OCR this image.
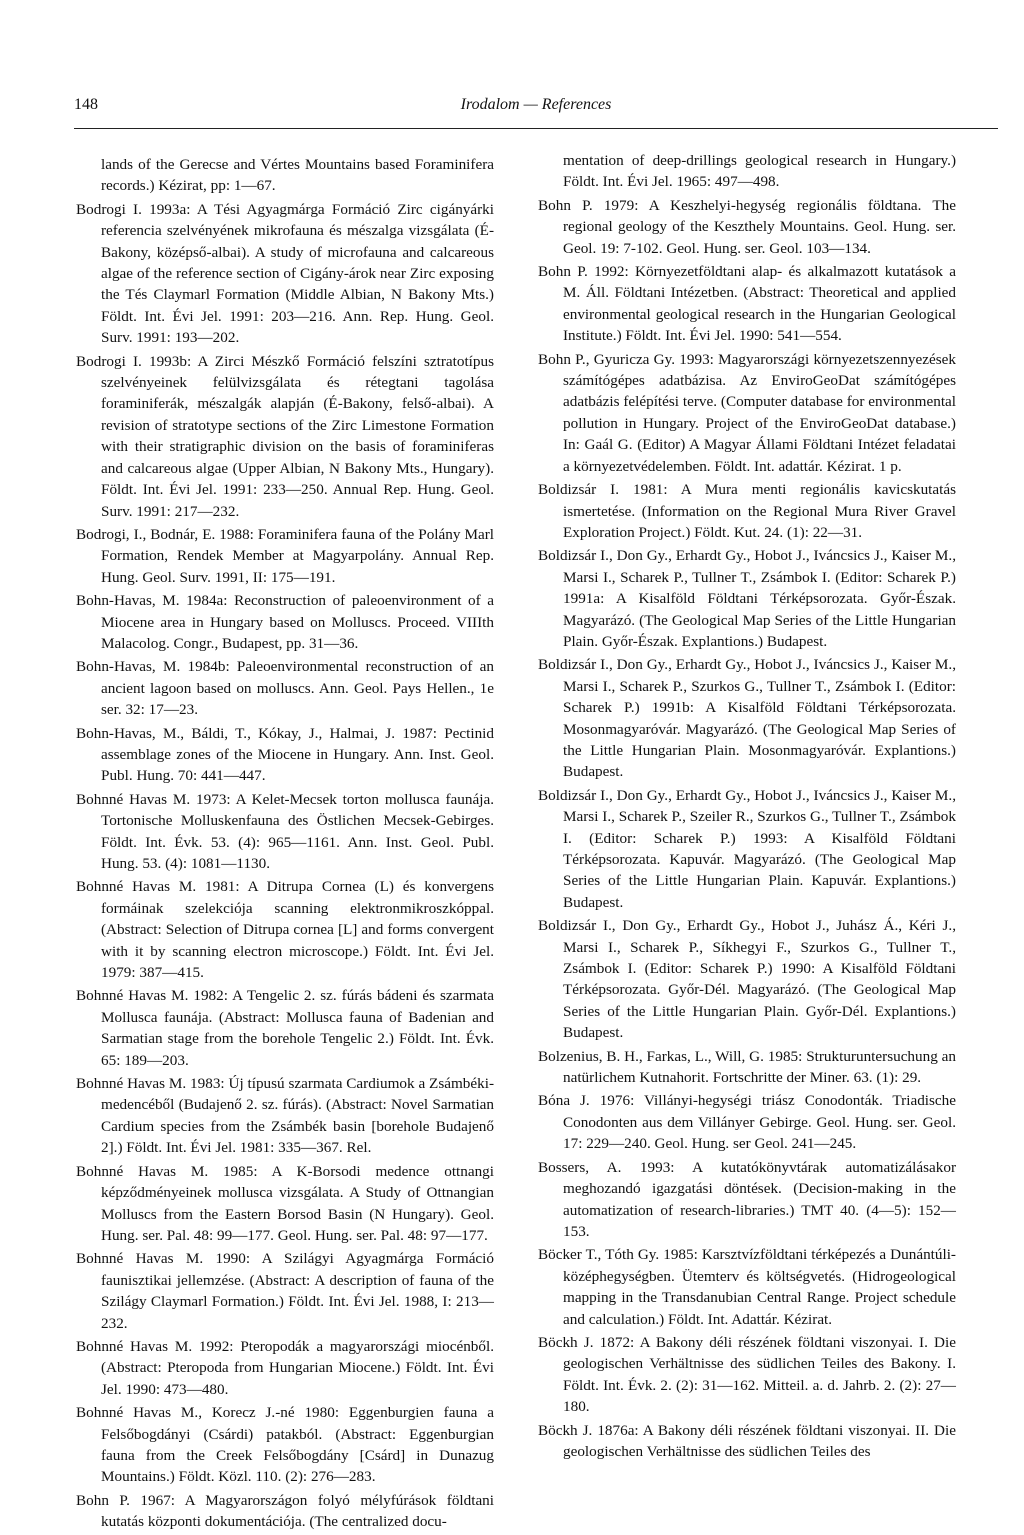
148	Irodalom — References

lands of the Gerecse and Vértes Mountains based Foraminifera records.) Kézirat, pp: 1—67.

Bodrogi I. 1993a: A Tési Agyagmárga Formáció Zirc cigányárki referencia szelvényének mikrofauna és mészalga vizsgálata (É-Bakony, középső-albai). A study of microfauna and calcareous algae of the reference section of Cigány-árok near Zirc exposing the Tés Claymarl Formation (Middle Albian, N Bakony Mts.) Földt. Int. Évi Jel. 1991: 203—216. Ann. Rep. Hung. Geol. Surv. 1991: 193—202.

Bodrogi I. 1993b: A Zirci Mészkő Formáció felszíni sztratotípus szelvényeinek felülvizsgálata és rétegtani tagolása foraminiferák, mészalgák alapján (É-Bakony, felső-albai). A revision of stratotype sections of the Zirc Limestone Formation with their stratigraphic division on the basis of foraminiferas and calcareous algae (Upper Albian, N Bakony Mts., Hungary). Földt. Int. Évi Jel. 1991: 233—250. Annual Rep. Hung. Geol. Surv. 1991: 217—232.

Bodrogi, I., Bodnár, E. 1988: Foraminifera fauna of the Polány Marl Formation, Rendek Member at Magyarpolány. Annual Rep. Hung. Geol. Surv. 1991, II: 175—191.

Bohn-Havas, M. 1984a: Reconstruction of paleoenvironment of a Miocene area in Hungary based on Molluscs. Proceed. VIIIth Malacolog. Congr., Budapest, pp. 31—36.

Bohn-Havas, M. 1984b: Paleoenvironmental reconstruction of an ancient lagoon based on molluscs. Ann. Geol. Pays Hellen., 1e ser. 32: 17—23.

Bohn-Havas, M., Báldi, T., Kókay, J., Halmai, J. 1987: Pectinid assemblage zones of the Miocene in Hungary. Ann. Inst. Geol. Publ. Hung. 70: 441—447.

Bohnné Havas M. 1973: A Kelet-Mecsek torton mollusca faunája. Tortonische Molluskenfauna des Östlichen Mecsek-Gebirges. Földt. Int. Évk. 53. (4): 965—1161. Ann. Inst. Geol. Publ. Hung. 53. (4): 1081—1130.

Bohnné Havas M. 1981: A Ditrupa Cornea (L) és konvergens formáinak szelekciója scanning elektronmikroszkóppal. (Abstract: Selection of Ditrupa cornea [L] and forms convergent with it by scanning electron microscope.) Földt. Int. Évi Jel. 1979: 387—415.

Bohnné Havas M. 1982: A Tengelic 2. sz. fúrás bádeni és szarmata Mollusca faunája. (Abstract: Mollusca fauna of Badenian and Sarmatian stage from the borehole Tengelic 2.) Földt. Int. Évk. 65: 189—203.

Bohnné Havas M. 1983: Új típusú szarmata Cardiumok a Zsámbéki-medencéből (Budajenő 2. sz. fúrás). (Abstract: Novel Sarmatian Cardium species from the Zsámbék basin [borehole Budajenő 2].) Földt. Int. Évi Jel. 1981: 335—367. Rel.

Bohnné Havas M. 1985: A K-Borsodi medence ottnangi képződményeinek mollusca vizsgálata. A Study of Ottnangian Molluscs from the Eastern Borsod Basin (N Hungary). Geol. Hung. ser. Pal. 48: 99—177. Geol. Hung. ser. Pal. 48: 97—177.

Bohnné Havas M. 1990: A Szilágyi Agyagmárga Formáció faunisztikai jellemzése. (Abstract: A description of fauna of the Szilágy Claymarl Formation.) Földt. Int. Évi Jel. 1988, I: 213—232.

Bohnné Havas M. 1992: Pteropodák a magyarországi miocénből. (Abstract: Pteropoda from Hungarian Miocene.) Földt. Int. Évi Jel. 1990: 473—480.

Bohnné Havas M., Korecz J.-né 1980: Eggenburgien fauna a Felsőbogdányi (Csárdi) patakból. (Abstract: Eggenburgian fauna from the Creek Felsőbogdány [Csárd] in Dunazug Mountains.) Földt. Közl. 110. (2): 276—283.

Bohn P. 1967: A Magyarországon folyó mélyfúrások földtani kutatás központi dokumentációja. (The centralized docu-

mentation of deep-drillings geological research in Hungary.) Földt. Int. Évi Jel. 1965: 497—498.

Bohn P. 1979: A Keszhelyi-hegység regionális földtana. The regional geology of the Keszthely Mountains. Geol. Hung. ser. Geol. 19: 7-102. Geol. Hung. ser. Geol. 103—134.

Bohn P. 1992: Környezetföldtani alap- és alkalmazott kutatások a M. Áll. Földtani Intézetben. (Abstract: Theoretical and applied environmental geological research in the Hungarian Geological Institute.) Földt. Int. Évi Jel. 1990: 541—554.

Bohn P., Gyuricza Gy. 1993: Magyarországi környezetszennyezések számítógépes adatbázisa. Az EnviroGeoDat számítógépes adatbázis felépítési terve. (Computer database for environmental pollution in Hungary. Project of the EnviroGeoDat database.) In: Gaál G. (Editor) A Magyar Állami Földtani Intézet feladatai a környezetvédelemben. Földt. Int. adattár. Kézirat. 1 p.

Boldizsár I. 1981: A Mura menti regionális kavicskutatás ismertetése. (Information on the Regional Mura River Gravel Exploration Project.) Földt. Kut. 24. (1): 22—31.

Boldizsár I., Don Gy., Erhardt Gy., Hobot J., Iváncsics J., Kaiser M., Marsi I., Scharek P., Tullner T., Zsámbok I. (Editor: Scharek P.) 1991a: A Kisalföld Földtani Térképsorozata. Győr-Észak. Magyarázó. (The Geological Map Series of the Little Hungarian Plain. Győr-Észak. Explantions.) Budapest.

Boldizsár I., Don Gy., Erhardt Gy., Hobot J., Iváncsics J., Kaiser M., Marsi I., Scharek P., Szurkos G., Tullner T., Zsámbok I. (Editor: Scharek P.) 1991b: A Kisalföld Földtani Térképsorozata. Mosonmagyaróvár. Magyarázó. (The Geological Map Series of the Little Hungarian Plain. Mosonmagyaróvár. Explantions.) Budapest.

Boldizsár I., Don Gy., Erhardt Gy., Hobot J., Iváncsics J., Kaiser M., Marsi I., Scharek P., Szeiler R., Szurkos G., Tullner T., Zsámbok I. (Editor: Scharek P.) 1993: A Kisalföld Földtani Térképsorozata. Kapuvár. Magyarázó. (The Geological Map Series of the Little Hungarian Plain. Kapuvár. Explantions.) Budapest.

Boldizsár I., Don Gy., Erhardt Gy., Hobot J., Juhász Á., Kéri J., Marsi I., Scharek P., Síkhegyi F., Szurkos G., Tullner T., Zsámbok I. (Editor: Scharek P.) 1990: A Kisalföld Földtani Térképsorozata. Győr-Dél. Magyarázó. (The Geological Map Series of the Little Hungarian Plain. Győr-Dél. Explantions.) Budapest.

Bolzenius, B. H., Farkas, L., Will, G. 1985: Strukturuntersuchung an natürlichem Kutnahorit. Fortschritte der Miner. 63. (1): 29.

Bóna J. 1976: Villányi-hegységi triász Conodonták. Triadische Conodonten aus dem Villányer Gebirge. Geol. Hung. ser. Geol. 17: 229—240. Geol. Hung. ser Geol. 241—245.

Bossers, A. 1993: A kutatókönyvtárak automatizálásakor meghozandó igazgatási döntések. (Decision-making in the automatization of research-libraries.) TMT 40. (4—5): 152—153.

Böcker T., Tóth Gy. 1985: Karsztvízföldtani térképezés a Dunántúli-középhegységben. Ütemterv és költségvetés. (Hidrogeological mapping in the Transdanubian Central Range. Project schedule and calculation.) Földt. Int. Adattár. Kézirat.

Böckh J. 1872: A Bakony déli részének földtani viszonyai. I. Die geologischen Verhältnisse des südlichen Teiles des Bakony. I. Földt. Int. Évk. 2. (2): 31—162. Mitteil. a. d. Jahrb. 2. (2): 27—180.

Böckh J. 1876a: A Bakony déli részének földtani viszonyai. II. Die geologischen Verhältnisse des südlichen Teiles des
